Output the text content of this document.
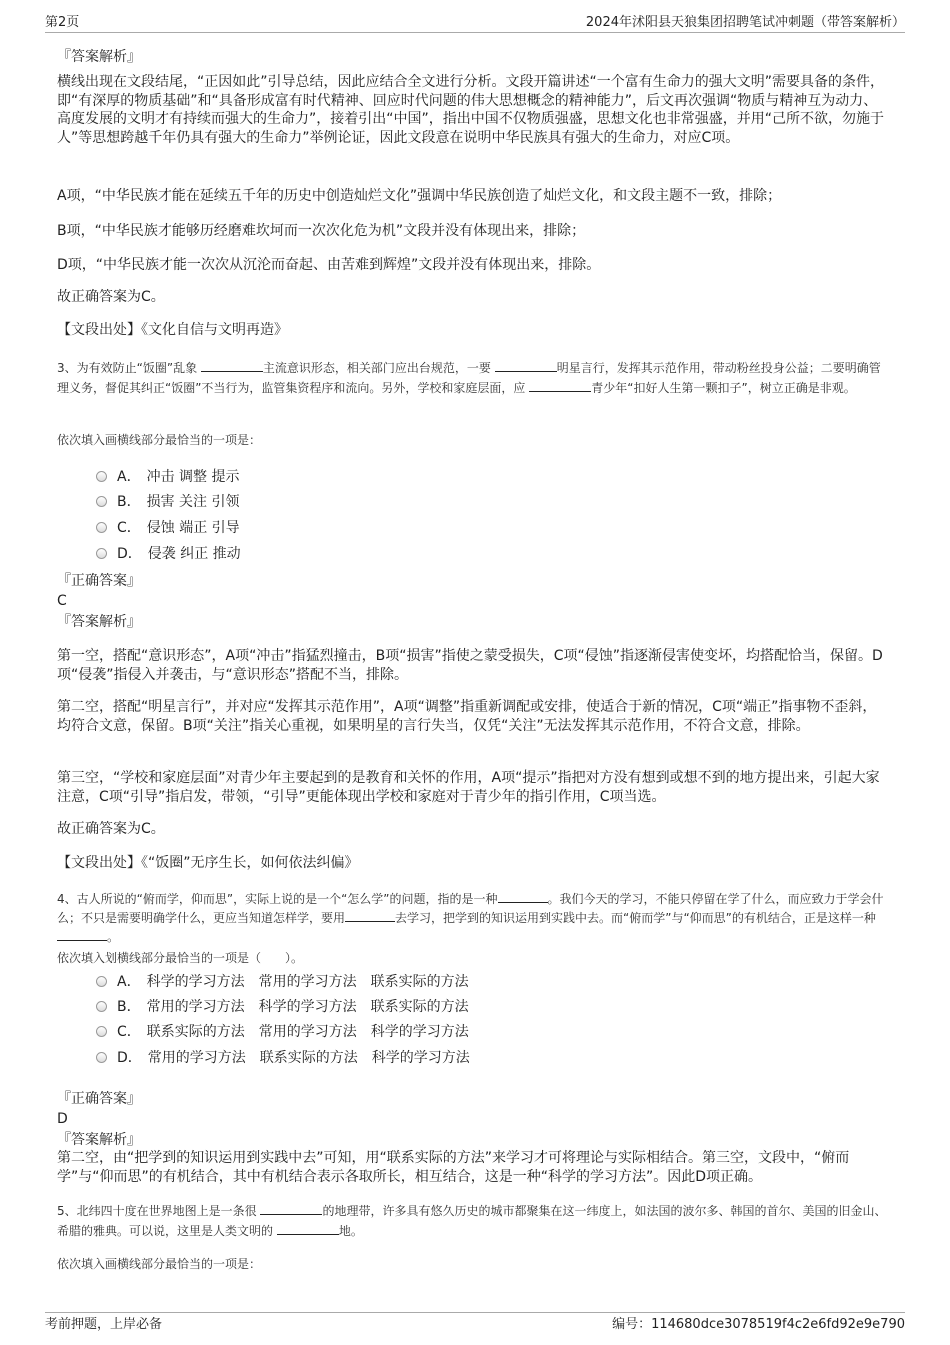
第2页	2024年沭阳县天狼集团招聘笔试冲刺题（带答案解析）
『答案解析』
横线出现在文段结尾，“正因如此”引导总结，因此应结合全文进行分析。文段开篇讲述“一个富有生命力的强大文明”需要具备的条件，即“有深厚的物质基础”和“具备形成富有时代精神、回应时代问题的伟大思想概念的精神能力”，后文再次强调“物质与精神互为动力、高度发展的文明才有持续而强大的生命力”，接着引出“中国”，指出中国不仅物质强盛，思想文化也非常强盛，并用“己所不欲，勿施于人”等思想跨越千年仍具有强大的生命力”举例论证，因此文段意在说明中华民族具有强大的生命力，对应C项。
A项，“中华民族才能在延续五千年的历史中创造灿烂文化”强调中华民族创造了灿烂文化，和文段主题不一致，排除；
B项，“中华民族才能够历经磨难坎坷而一次次化危为机”文段并没有体现出来，排除；
D项，“中华民族才能一次次从沉沦而奋起、由苦难到辉煌”文段并没有体现出来，排除。
故正确答案为C。
【文段出处】《文化自信与文明再造》
3、为有效防止“饭圈”乱象	主流意识形态，相关部门应出台规范，一要	明星言行，发挥其示范作用，带动粉丝投身公益；二要明确管理义务，督促其纠正“饭圈”不当行为，监管集资程序和流向。另外，学校和家庭层面，应	青少年“扣好人生第一颗扣子”，树立正确是非观。
依次填入画横线部分最恰当的一项是：
A． 冲击 调整 提示
B． 损害 关注 引领
C． 侵蚀 端正 引导
D． 侵袭 纠正 推动
『正确答案』
C
『答案解析』
第一空，搭配“意识形态”，A项“冲击”指猛烈撞击，B项“损害”指使之蒙受损失，C项“侵蚀”指逐渐侵害使变坏，均搭配恰当，保留。D项“侵袭”指侵入并袭击，与“意识形态”搭配不当，排除。
第二空，搭配“明星言行”，并对应“发挥其示范作用”，A项“调整”指重新调配或安排，使适合于新的情况，C项“端正”指事物不歪斜，均符合文意，保留。B项“关注”指关心重视，如果明星的言行失当，仅凭“关注”无法发挥其示范作用，不符合文意，排除。
第三空，“学校和家庭层面”对青少年主要起到的是教育和关怀的作用，A项“提示”指把对方没有想到或想不到的地方提出来，引起大家注意，C项“引导”指启发，带领，“引导”更能体现出学校和家庭对于青少年的指引作用，C项当选。
故正确答案为C。
【文段出处】《“饭圈”无序生长，如何依法纠偏》
4、古人所说的“俯而学，仰而思”，实际上说的是一个“怎么学”的问题，指的是一种	。我们今天的学习，不能只停留在学了什么，而应致力于学会什么；不只是需要明确学什么，更应当知道怎样学，要用	去学习，把学到的知识运用到实践中去。而“俯而学”与“仰而思”的有机结合，正是这样一种。
依次填入划横线部分最恰当的一项是（　　）。
A． 科学的学习方法 常用的学习方法 联系实际的方法
B． 常用的学习方法 科学的学习方法 联系实际的方法
C． 联系实际的方法 常用的学习方法 科学的学习方法
D． 常用的学习方法 联系实际的方法 科学的学习方法
『正确答案』
D
『答案解析』
第二空，由“把学到的知识运用到实践中去”可知，用“联系实际的方法”来学习才可将理论与实际相结合。第三空，文段中，“俯而学”与“仰而思”的有机结合，其中有机结合表示各取所长，相互结合，这是一种“科学的学习方法”。因此D项正确。
5、北纬四十度在世界地图上是一条很	的地理带，许多具有悠久历史的城市都聚集在这一纬度上，如法国的波尔多、韩国的首尔、美国的旧金山、希腊的雅典。可以说，这里是人类文明的	地。
依次填入画横线部分最恰当的一项是：
考前押题，上岸必备	编号：114680dce3078519f4c2e6fd92e9e790
